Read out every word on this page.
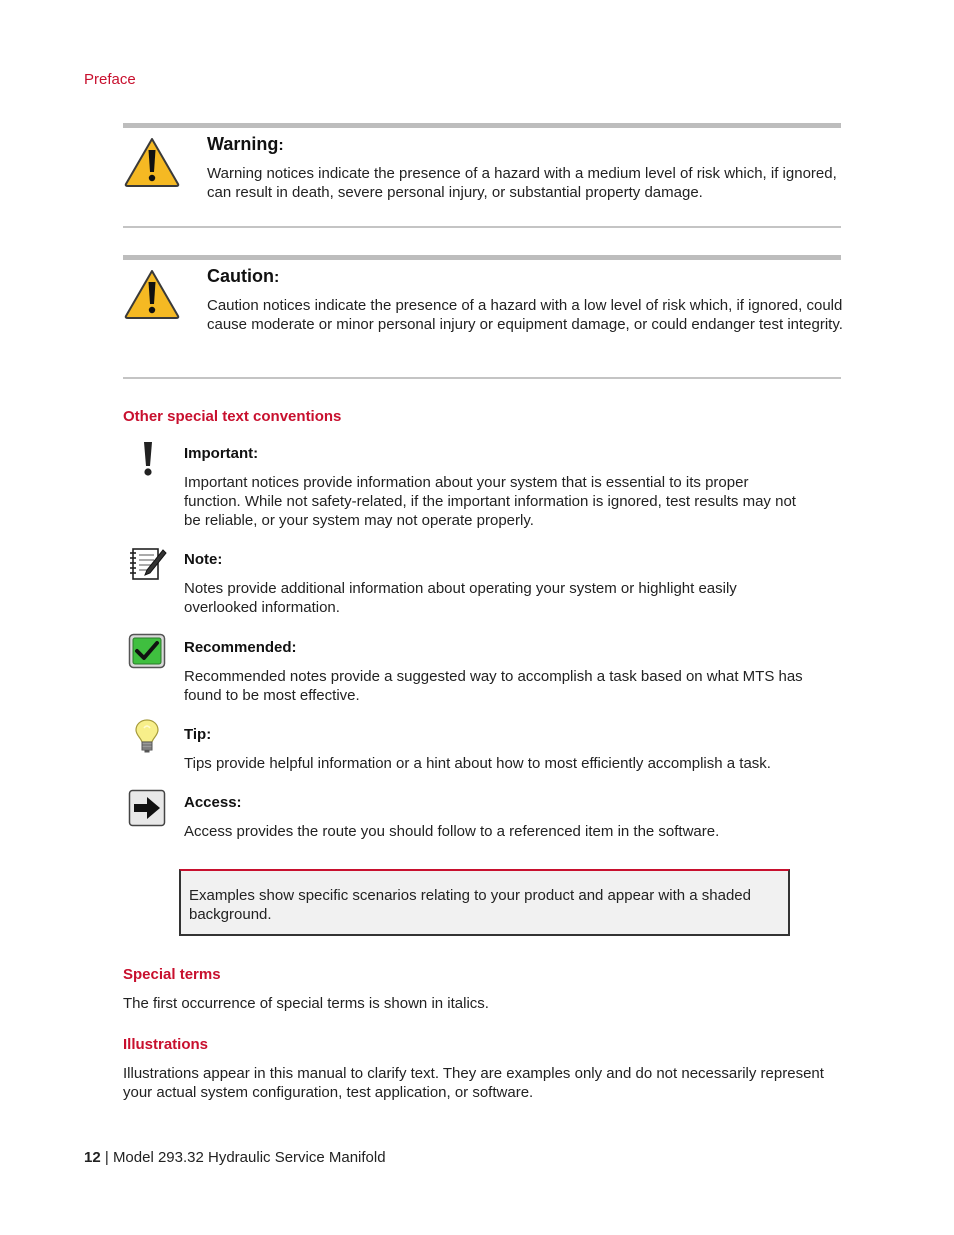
Preface
Warning:
Warning notices indicate the presence of a hazard with a medium level of risk which, if ignored, can result in death, severe personal injury, or substantial property damage.
Caution:
Caution notices indicate the presence of a hazard with a low level of risk which, if ignored, could cause moderate or minor personal injury or equipment damage, or could endanger test integrity.
Other special text conventions
Important:
Important notices provide information about your system that is essential to its proper function. While not safety-related, if the important information is ignored, test results may not be reliable, or your system may not operate properly.
Note:
Notes provide additional information about operating your system or highlight easily overlooked information.
Recommended:
Recommended notes provide a suggested way to accomplish a task based on what MTS has found to be most effective.
Tip:
Tips provide helpful information or a hint about how to most efficiently accomplish a task.
Access:
Access provides the route you should follow to a referenced item in the software.
Examples show specific scenarios relating to your product and appear with a shaded background.
Special terms
The first occurrence of special terms is shown in italics.
Illustrations
Illustrations appear in this manual to clarify text. They are examples only and do not necessarily represent your actual system configuration, test application, or software.
12 | Model 293.32 Hydraulic Service Manifold
